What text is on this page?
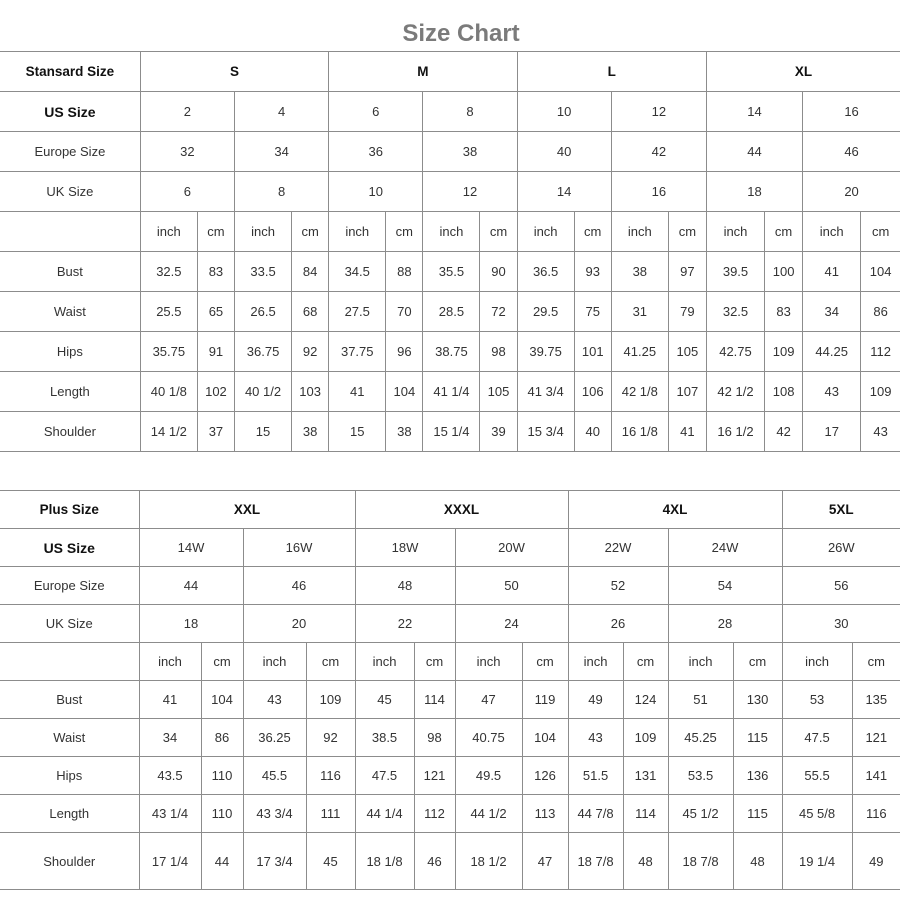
Size Chart
Stansard Size	S				M				L				XL			
US Size	2		4		6		8		10		12		14		16	
Europe Size	32		34		36		38		40		42		44		46	
UK Size	6		8		10		12		14		16		18		20	
	inch	cm	inch	cm	inch	cm	inch	cm	inch	cm	inch	cm	inch	cm	inch	cm
Bust	32.5	83	33.5	84	34.5	88	35.5	90	36.5	93	38	97	39.5	100	41	104
Waist	25.5	65	26.5	68	27.5	70	28.5	72	29.5	75	31	79	32.5	83	34	86
Hips	35.75	91	36.75	92	37.75	96	38.75	98	39.75	101	41.25	105	42.75	109	44.25	112
Length	40 1/8	102	40 1/2	103	41	104	41 1/4	105	41 3/4	106	42 1/8	107	42 1/2	108	43	109
Shoulder	14 1/2	37	15	38	15	38	15 1/4	39	15 3/4	40	16 1/8	41	16 1/2	42	17	43
Plus Size	XXL				XXXL				4XL				5XL	
US Size	14W		16W		18W		20W		22W		24W		26W	
Europe Size	44		46		48		50		52		54		56	
UK Size	18		20		22		24		26		28		30	
	inch	cm	inch	cm	inch	cm	inch	cm	inch	cm	inch	cm	inch	cm
Bust	41	104	43	109	45	114	47	119	49	124	51	130	53	135
Waist	34	86	36.25	92	38.5	98	40.75	104	43	109	45.25	115	47.5	121
Hips	43.5	110	45.5	116	47.5	121	49.5	126	51.5	131	53.5	136	55.5	141
Length	43 1/4	110	43 3/4	111	44 1/4	112	44 1/2	113	44 7/8	114	45 1/2	115	45 5/8	116
Shoulder	17 1/4	44	17 3/4	45	18 1/8	46	18 1/2	47	18 7/8	48	18 7/8	48	19 1/4	49
